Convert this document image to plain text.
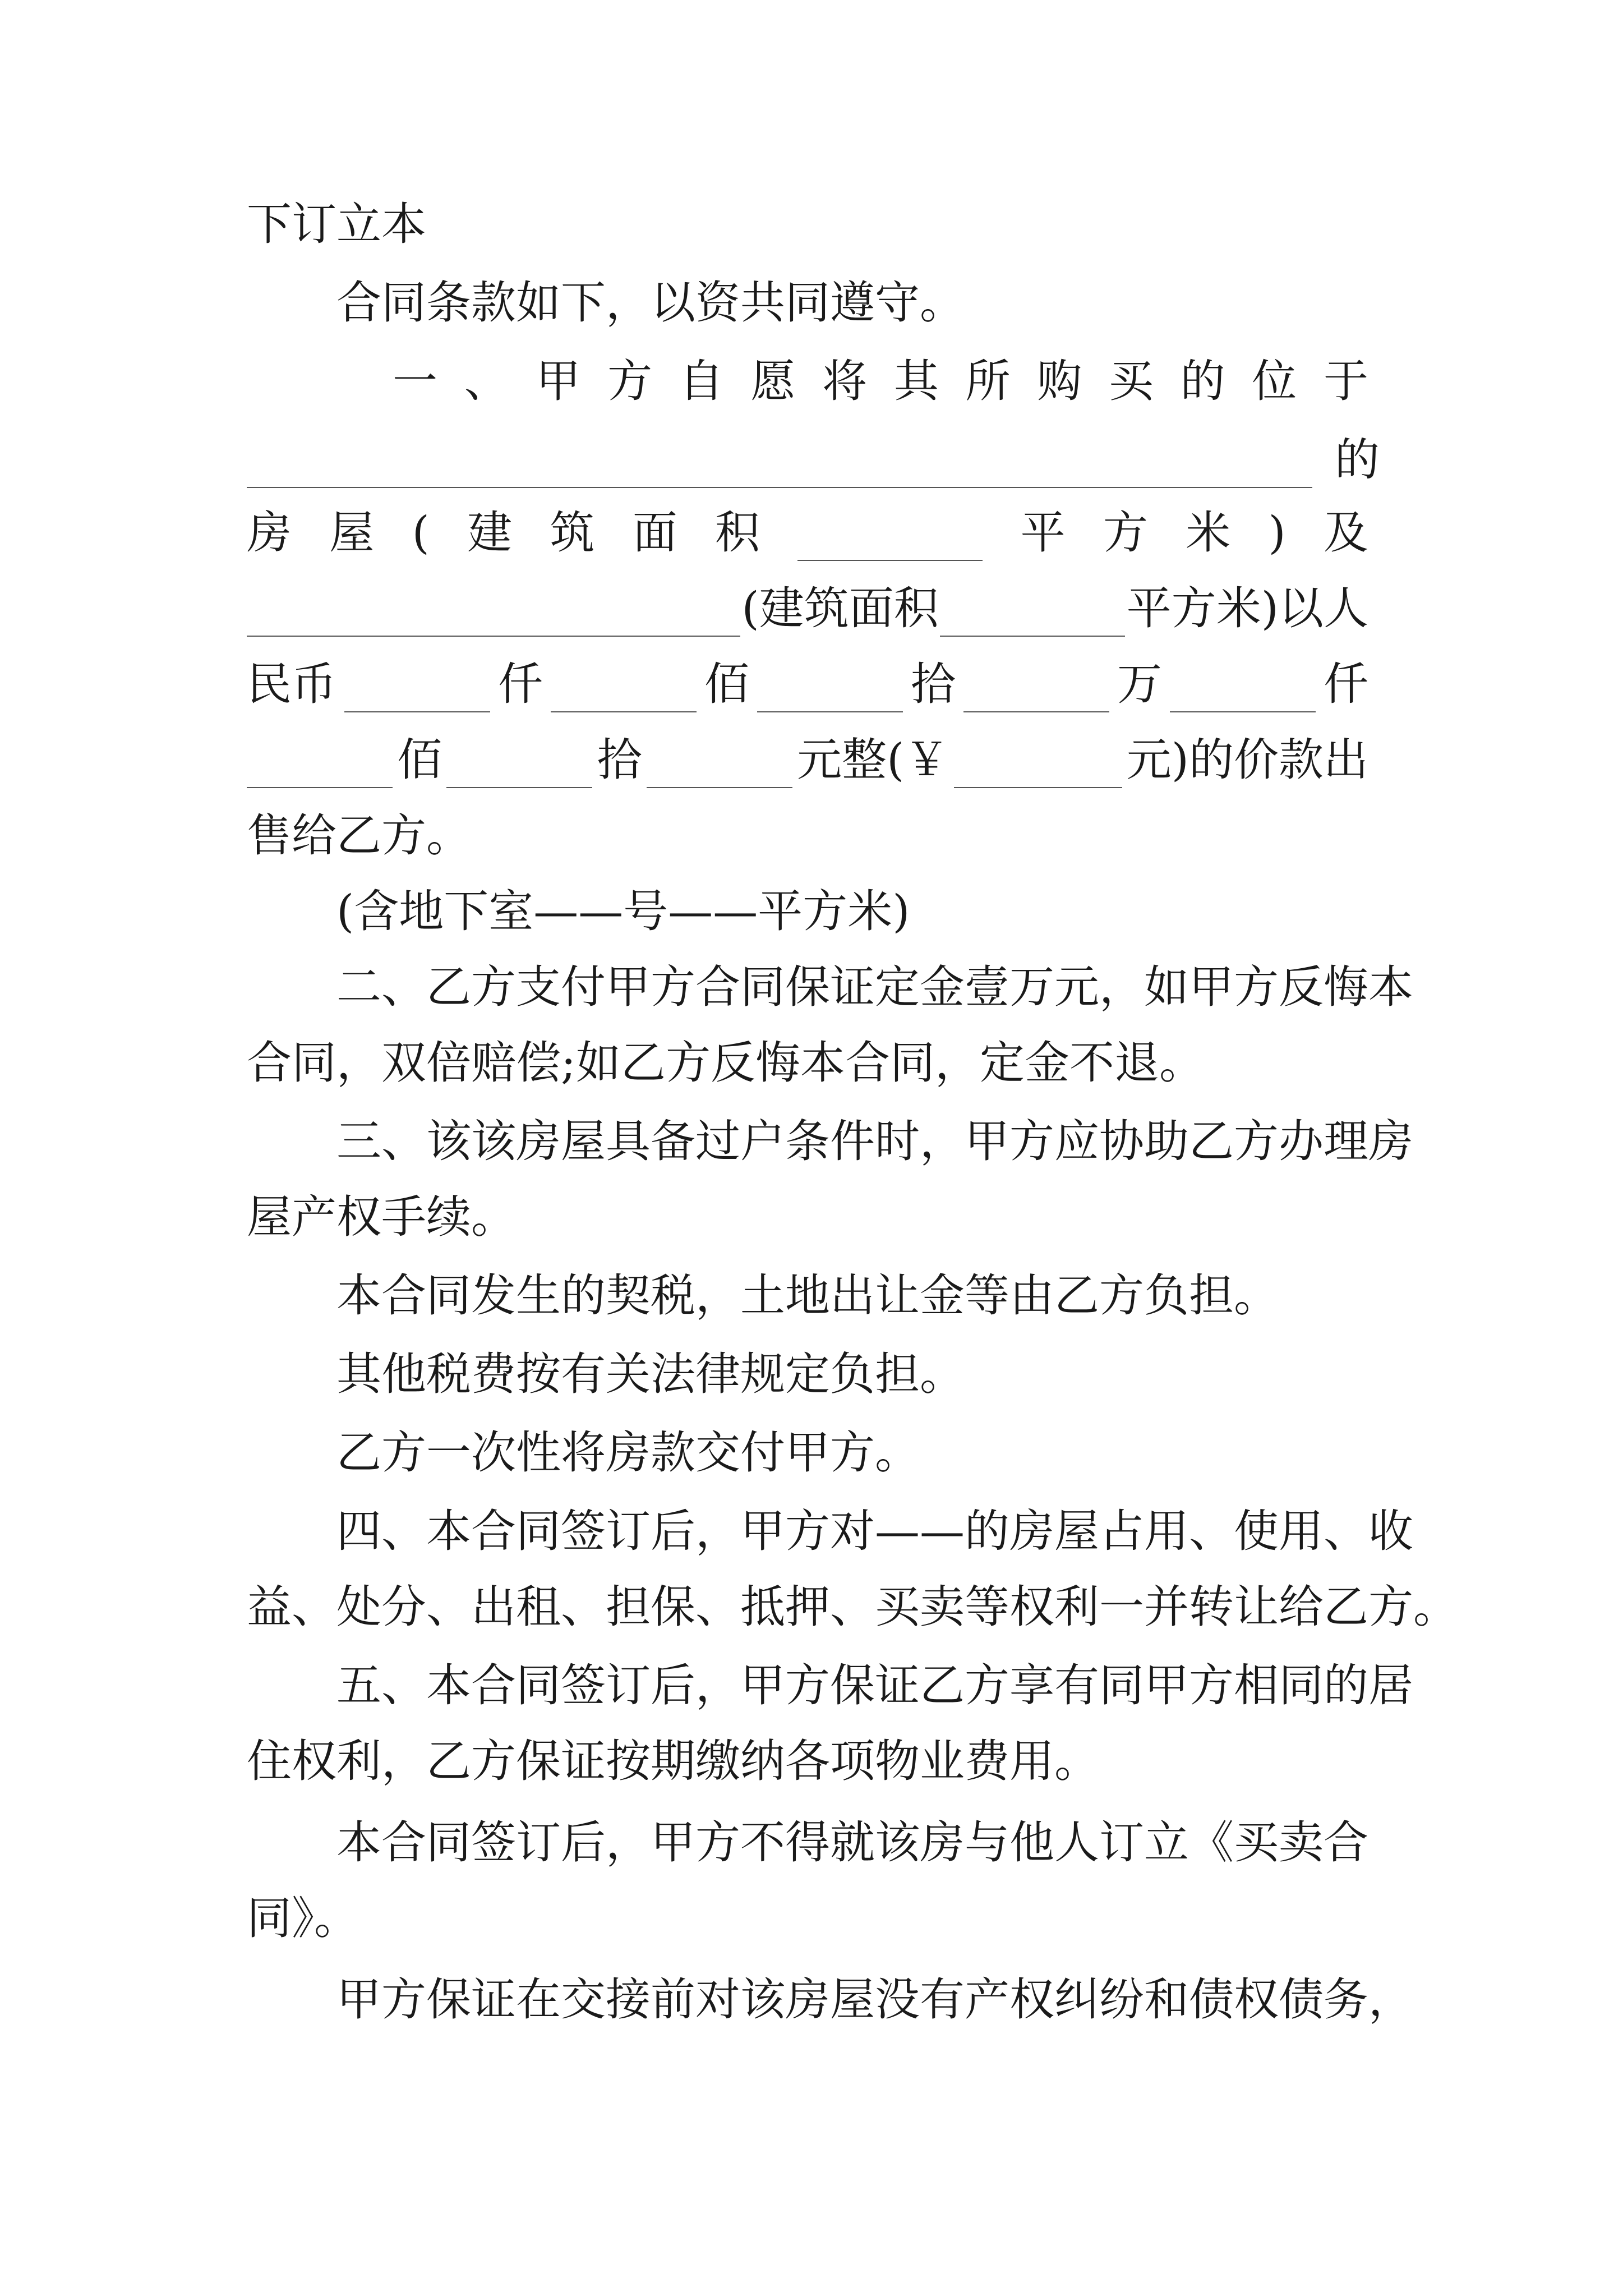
下订立本
合同条款如下，以资共同遵守。
一 、 甲 方 自 愿 将 其 所 购 买 的 位 于
的
房 屋 ( 建 筑 面 积	平 方 米 ) 及
(建筑面积	平方米)以人
民币	仟	佰	拾	万	仟
佰	拾	元整(￥	元)的价款出
售给乙方。
(含地下室——号——平方米)
二、乙方支付甲方合同保证定金壹万元，如甲方反悔本
合同，双倍赔偿;如乙方反悔本合同，定金不退。
三、该该房屋具备过户条件时，甲方应协助乙方办理房
屋产权手续。
本合同发生的契税，土地出让金等由乙方负担。
其他税费按有关法律规定负担。
乙方一次性将房款交付甲方。
四、本合同签订后，甲方对——的房屋占用、使用、收
益、处分、出租、担保、抵押、买卖等权利一并转让给乙方。
五、本合同签订后，甲方保证乙方享有同甲方相同的居
住权利，乙方保证按期缴纳各项物业费用。
本合同签订后，甲方不得就该房与他人订立《买卖合
同》。
甲方保证在交接前对该房屋没有产权纠纷和债权债务，
